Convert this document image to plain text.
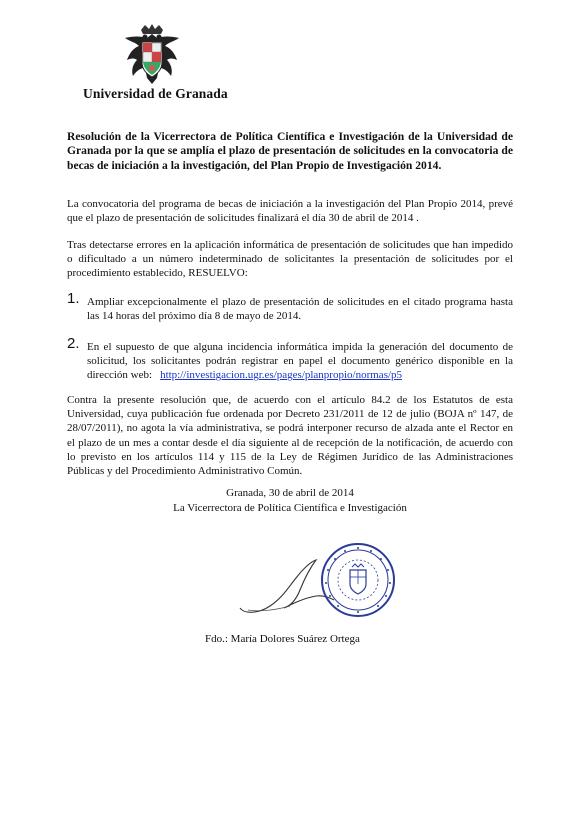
Universidad de Granada
Resolución de la Vicerrectora de Política Científica e Investigación de la Universidad de Granada por la que se amplía el plazo de presentación de solicitudes en la convocatoria de becas de iniciación a la investigación, del Plan Propio de Investigación 2014.
La convocatoria del programa de becas de iniciación a la investigación del Plan Propio 2014, prevé que el plazo de presentación de solicitudes finalizará el día 30 de abril de 2014 .
Tras detectarse errores en la aplicación informática de presentación de solicitudes que han impedido o dificultado a un número indeterminado de solicitantes la presentación de solicitudes por el procedimiento establecido, RESUELVO:
1. Ampliar excepcionalmente el plazo de presentación de solicitudes en el citado programa hasta las 14 horas del próximo día 8 de mayo de 2014.
2. En el supuesto de que alguna incidencia informática impida la generación del documento de solicitud, los solicitantes podrán registrar en papel el documento genérico disponible en la dirección web: http://investigacion.ugr.es/pages/planpropio/normas/p5
Contra la presente resolución que, de acuerdo con el artículo 84.2 de los Estatutos de esta Universidad, cuya publicación fue ordenada por Decreto 231/2011 de 12 de julio (BOJA nº 147, de 28/07/2011), no agota la vía administrativa, se podrá interponer recurso de alzada ante el Rector en el plazo de un mes a contar desde el día siguiente al de recepción de la notificación, de acuerdo con lo previsto en los artículos 114 y 115 de la Ley de Régimen Jurídico de las Administraciones Públicas y del Procedimiento Administrativo Común.
Granada, 30 de abril de 2014
La Vicerrectora de Política Científica e Investigación
Fdo.: María Dolores Suárez Ortega
